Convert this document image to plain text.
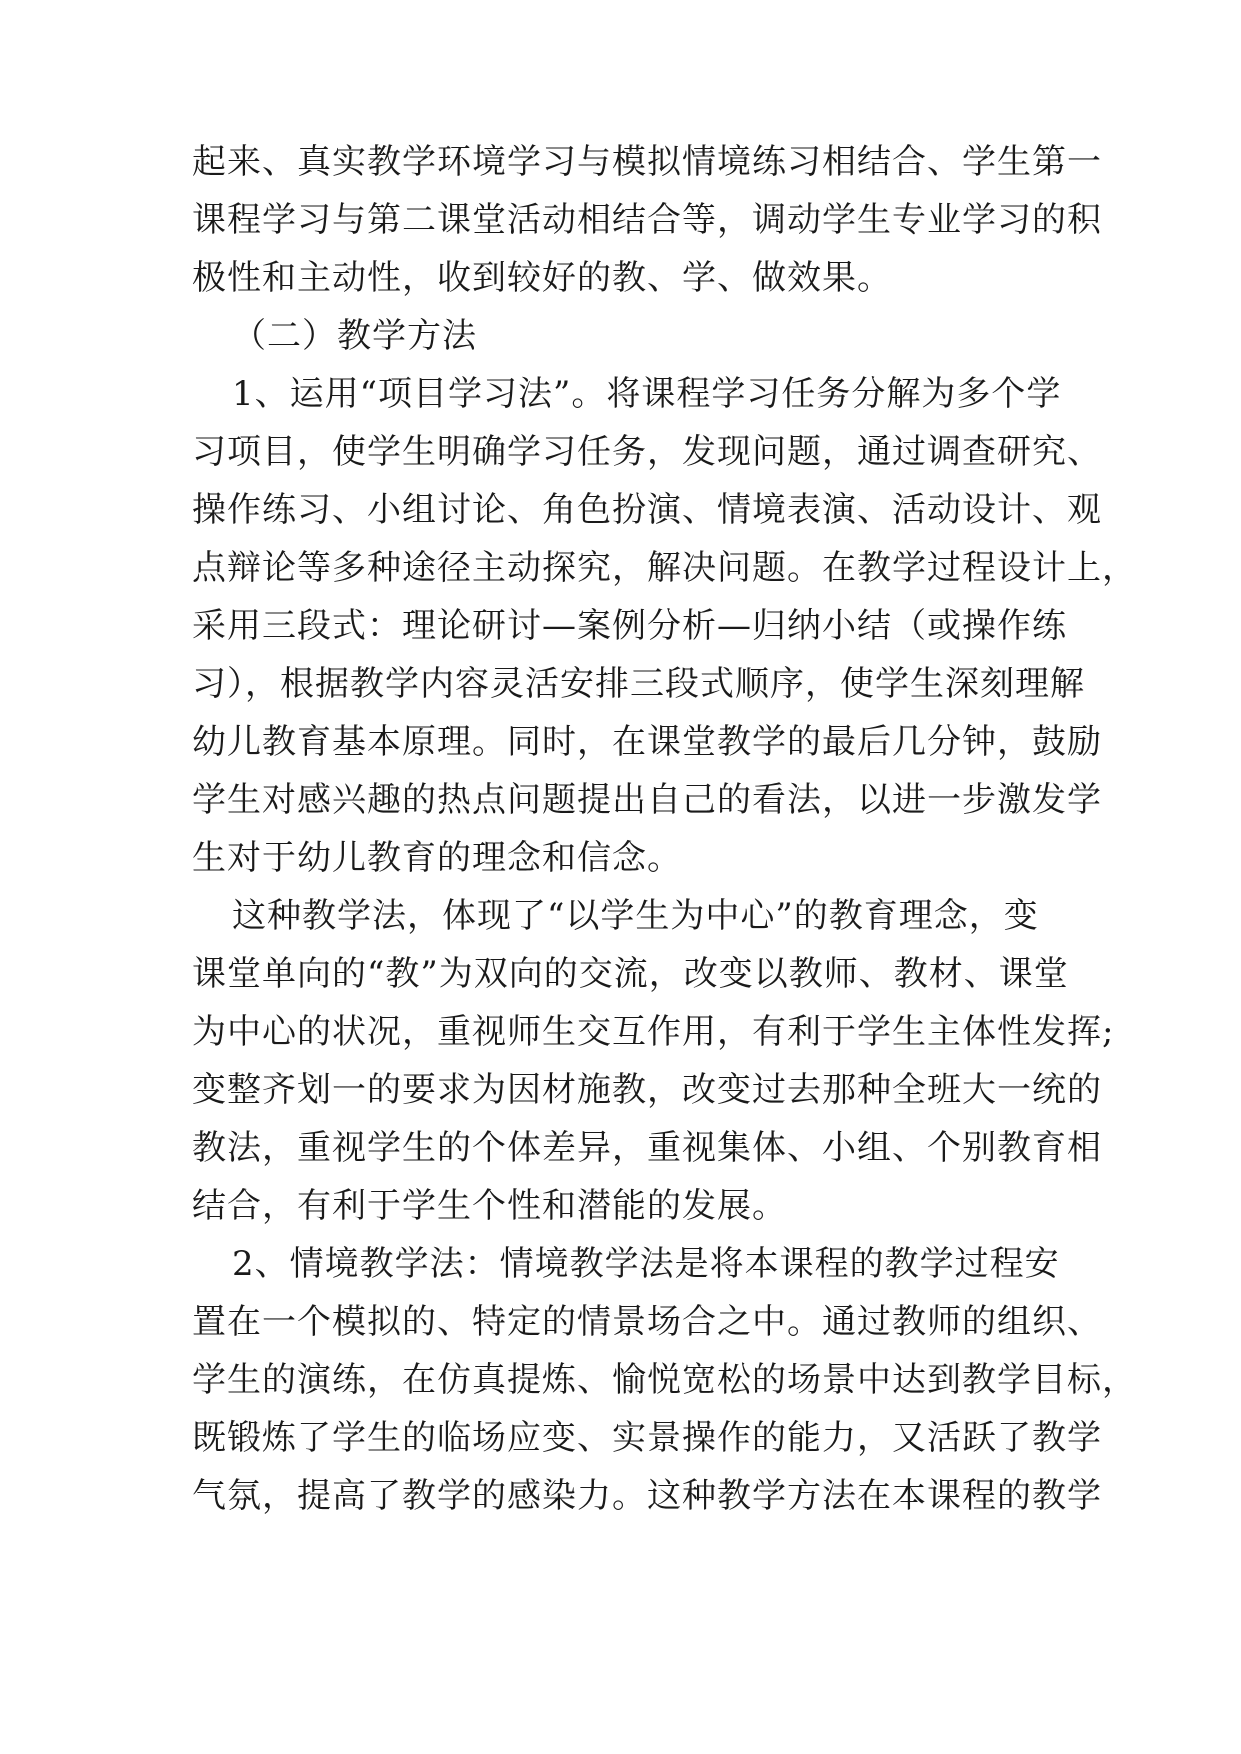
起来、真实教学环境学习与模拟情境练习相结合、学生第一
课程学习与第二课堂活动相结合等，调动学生专业学习的积
极性和主动性，收到较好的教、学、做效果。
（二）教学方法
1、运用“项目学习法”。将课程学习任务分解为多个学
习项目，使学生明确学习任务，发现问题，通过调查研究、
操作练习、小组讨论、角色扮演、情境表演、活动设计、观
点辩论等多种途径主动探究，解决问题。在教学过程设计上，
采用三段式：理论研讨—案例分析—归纳小结（或操作练
习），根据教学内容灵活安排三段式顺序，使学生深刻理解
幼儿教育基本原理。同时，在课堂教学的最后几分钟，鼓励
学生对感兴趣的热点问题提出自己的看法，以进一步激发学
生对于幼儿教育的理念和信念。
这种教学法，体现了“以学生为中心”的教育理念，变
课堂单向的“教”为双向的交流，改变以教师、教材、课堂
为中心的状况，重视师生交互作用，有利于学生主体性发挥;
变整齐划一的要求为因材施教，改变过去那种全班大一统的
教法，重视学生的个体差异，重视集体、小组、个别教育相
结合，有利于学生个性和潜能的发展。
2、情境教学法：情境教学法是将本课程的教学过程安
置在一个模拟的、特定的情景场合之中。通过教师的组织、
学生的演练，在仿真提炼、愉悦宽松的场景中达到教学目标，
既锻炼了学生的临场应变、实景操作的能力，又活跃了教学
气氛，提高了教学的感染力。这种教学方法在本课程的教学
